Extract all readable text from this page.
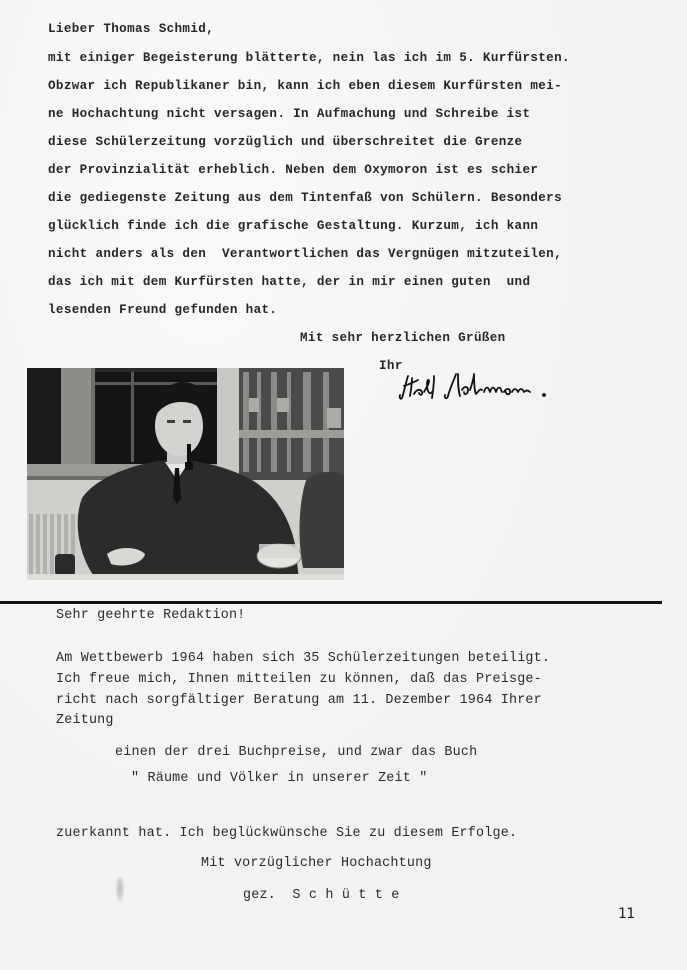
Lieber Thomas Schmid,
mit einiger Begeisterung blätterte, nein las ich im 5. Kurfürsten.
Obzwar ich Republikaner bin, kann ich eben diesem Kurfürsten mei-
ne Hochachtung nicht versagen. In Aufmachung und Schreibe ist
diese Schülerzeitung vorzüglich und überschreitet die Grenze
der Provinzialität erheblich. Neben dem Oxymoron ist es schier
die gediegenste Zeitung aus dem Tintenfaß von Schülern. Besonders
glücklich finde ich die grafische Gestaltung. Kurzum, ich kann
nicht anders als den  Verantwortlichen das Vergnügen mitzuteilen,
das ich mit dem Kurfürsten hatte, der in mir einen guten  und
lesenden Freund gefunden hat.
Mit sehr herzlichen Grüßen
Ihr
Sehr geehrte Redaktion!
Am Wettbewerb 1964 haben sich 35 Schülerzeitungen beteiligt.
Ich freue mich, Ihnen mitteilen zu können, daß das Preisge-
richt nach sorgfältiger Beratung am 11. Dezember 1964 Ihrer
Zeitung
einen der drei Buchpreise, und zwar das Buch
" Räume und Völker in unserer Zeit "
zuerkannt hat. Ich beglückwünsche Sie zu diesem Erfolge.
Mit vorzüglicher Hochachtung
gez.  S c h ü t t e
11
